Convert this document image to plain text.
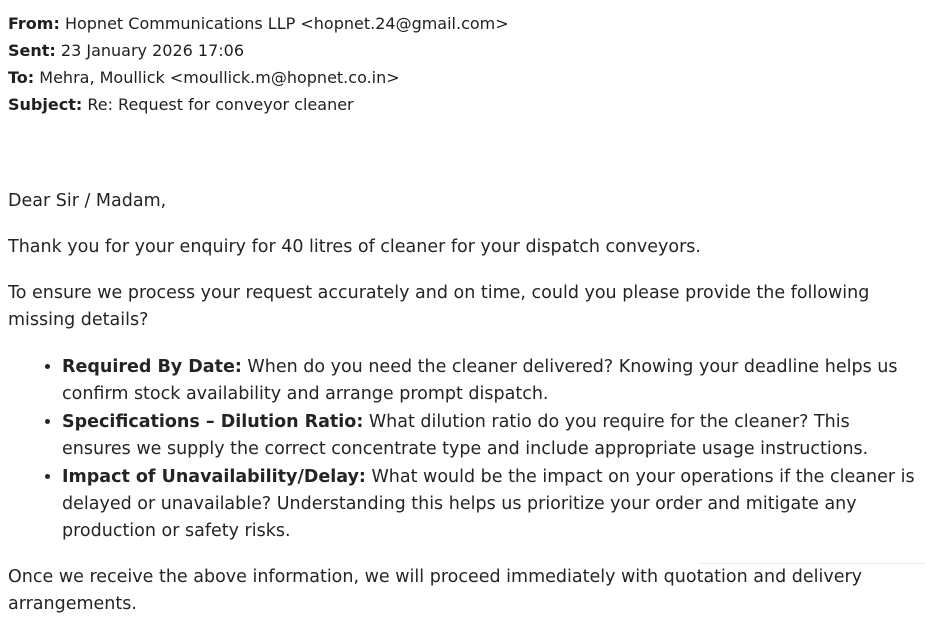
From: Hopnet Communications LLP <hopnet.24@gmail.com>
Sent: 23 January 2026 17:06
To: Mehra, Moullick <moullick.m@hopnet.co.in>
Subject: Re: Request for conveyor cleaner

Dear Sir / Madam,

Thank you for your enquiry for 40 litres of cleaner for your dispatch conveyors.

To ensure we process your request accurately and on time, could you please provide the following missing details?

• Required By Date: When do you need the cleaner delivered? Knowing your deadline helps us confirm stock availability and arrange prompt dispatch.
• Specifications – Dilution Ratio: What dilution ratio do you require for the cleaner? This ensures we supply the correct concentrate type and include appropriate usage instructions.
• Impact of Unavailability/Delay: What would be the impact on your operations if the cleaner is delayed or unavailable? Understanding this helps us prioritize your order and mitigate any production or safety risks.

Once we receive the above information, we will proceed immediately with quotation and delivery arrangements.
